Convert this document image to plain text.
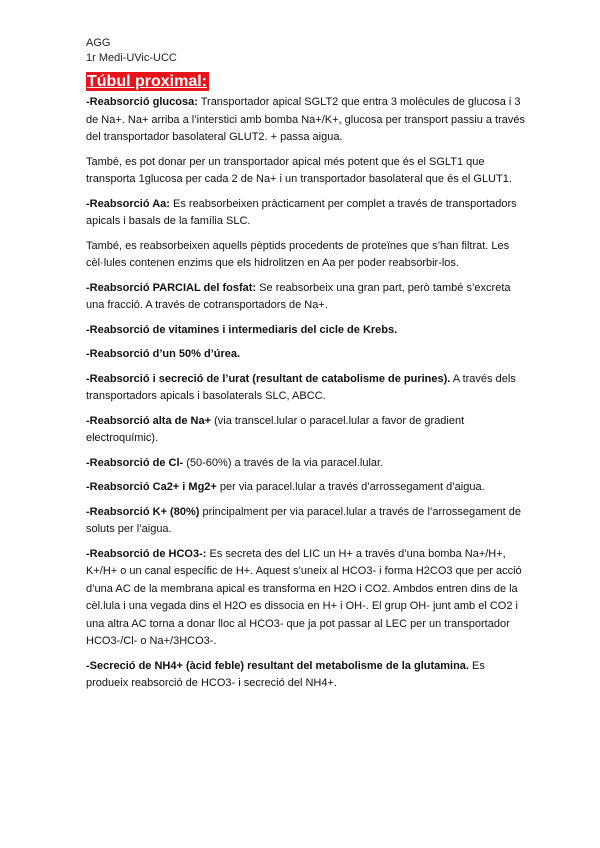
AGG
1r Medi-UVic-UCC
Túbul proximal:

-Reabsorció glucosa: Transportador apical SGLT2 que entra 3 molècules de glucosa i 3 de Na+. Na+ arriba a l’interstici amb bomba Na+/K+, glucosa per transport passiu a través del transportador basolateral GLUT2. + passa aigua.

També, es pot donar per un transportador apical més potent que és el SGLT1 que transporta 1glucosa per cada 2 de Na+ i un transportador basolateral que és el GLUT1.

-Reabsorció Aa: Es reabsorbeixen pràcticament per complet a través de transportadors apicals i basals de la família SLC.

També, es reabsorbeixen aquells pèptids procedents de proteïnes que s’han filtrat. Les cèl·lules contenen enzims que els hidrolitzen en Aa per poder reabsorbir-los.

-Reabsorció PARCIAL del fosfat: Se reabsorbeix una gran part, però també s’excreta una fracció. A través de cotransportadors de Na+.

-Reabsorció de vitamines i intermediaris del cicle de Krebs.

-Reabsorció d’un 50% d’úrea.

-Reabsorció i secreció de l’urat (resultant de catabolisme de purines). A través dels transportadors apicals i basolaterals SLC, ABCC.

-Reabsorció alta de Na+ (via transcel.lular o paracel.lular a favor de gradient electroquímic).

-Reabsorció de Cl- (50-60%) a través de la via paracel.lular.

-Reabsorció Ca2+ i Mg2+ per via paracel.lular a través d’arrossegament d’aigua.

-Reabsorció K+ (80%) principalment per via paracel.lular a través de l’arrossegament de soluts per l’aigua.

-Reabsorció de HCO3-: Es secreta des del LIC un H+ a través d’una bomba Na+/H+, K+/H+ o un canal específic de H+. Aquest s’uneix al HCO3- i forma H2CO3 que per acció d’una AC de la membrana apical es transforma en H2O i CO2. Ambdos entren dins de la cèl.lula i una vegada dins el H2O es dissocia en H+ i OH-. El grup OH- junt amb el CO2 i una altra AC torna a donar lloc al HCO3- que ja pot passar al LEC per un transportador HCO3-/Cl- o Na+/3HCO3-.

-Secreció de NH4+ (àcid feble) resultant del metabolisme de la glutamina. Es produeix reabsorció de HCO3- i secreció del NH4+.
